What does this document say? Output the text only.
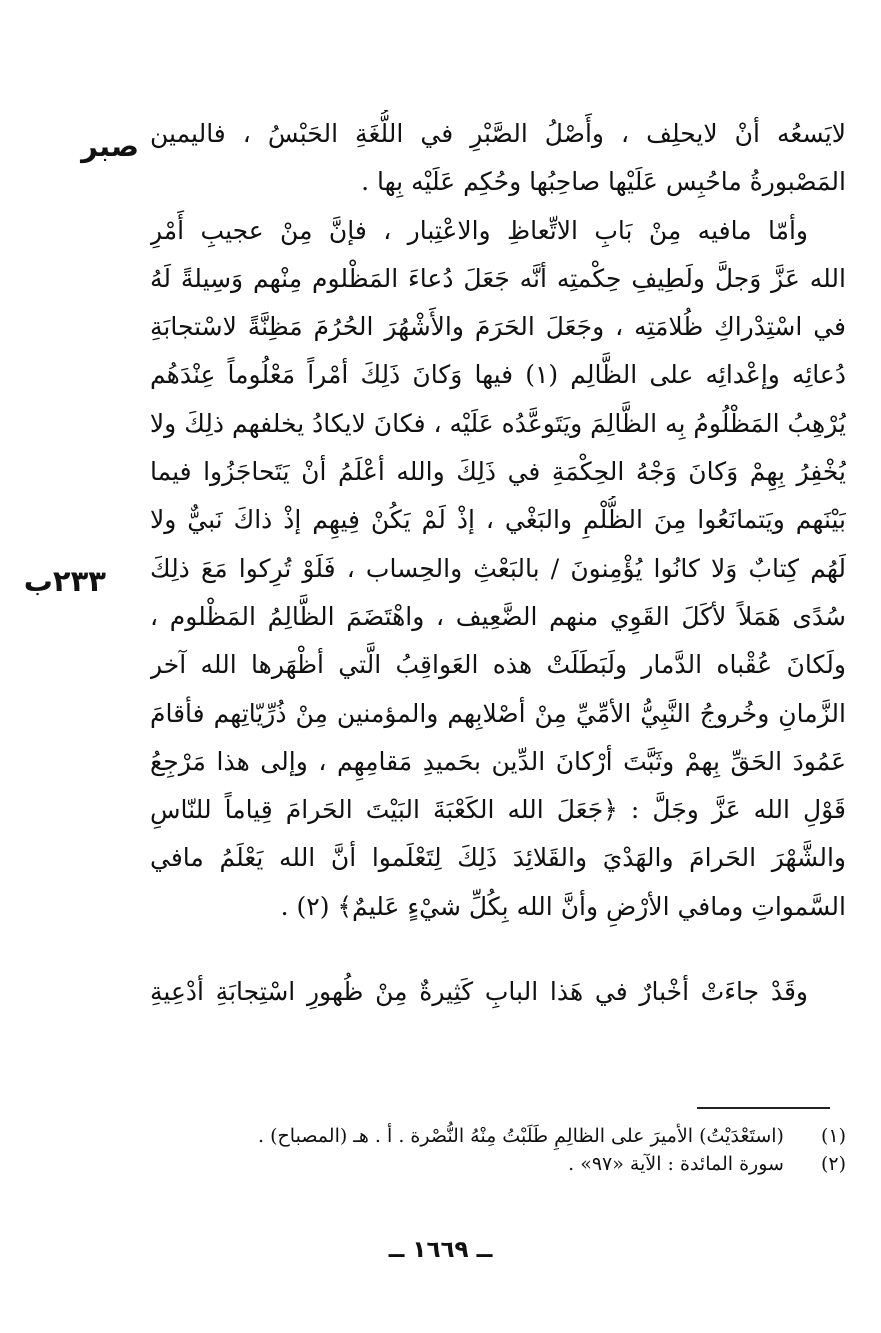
صبر
٢٣٣ب
لايَسعُه أنْ لايحلِف ، وأَصْلُ الصَّبْرِ في اللُّغَةِ الحَبْسُ ، فاليمين
المَصْبورةُ ماحُبِس عَلَيْها صاحِبُها وحُكِم عَلَيْه بِها .
وأمّا مافيه مِنْ بَابِ الاتِّعاظِ والاعْتِبار ، فإنَّ مِنْ عجيبِ أَمْرِ
الله عَزَّ وَجلَّ ولَطِيفِ حِكْمتِه أنَّه جَعَلَ دُعاءَ المَظْلوم مِنْهم وَسِيلةً لَهُ
في اسْتِدْراكِ ظُلامَتِه ، وجَعَلَ الحَرَمَ والأَشْهُرَ الحُرُمَ مَظِنَّةً لاسْتجابَةِ
دُعائِه وإعْدائِه على الظَّالِم (١) فيها وَكانَ ذَلِكَ أمْراً مَعْلُوماً عِنْدَهُم
يُرْهِبُ المَظْلُومُ بِه الظَّالِمَ ويَتَوعَّدُه عَلَيْه ، فكانَ لايكادُ يخلفهم ذلِكَ ولا
يُخْفِرُ بِهِمْ وَكانَ وَجْهُ الحِكْمَةِ في ذَلِكَ والله أعْلَمُ أنْ يَتَحاجَزُوا فيما
بَيْنَهم ويَتمانَعُوا مِنَ الظُّلْمِ والبَغْي ، إذْ لَمْ يَكُنْ فِيهِم إذْ ذاكَ نَبيٌّ ولا
لَهُم كِتابٌ وَلا كانُوا يُؤْمِنونَ / بالبَعْثِ والحِساب ، فَلَوْ تُرِكوا مَعَ ذلِكَ
سُدًى هَمَلاً لأكَلَ القَوِي منهم الضَّعِيف ، واهْتَضَمَ الظَّالِمُ المَظْلوم ،
ولَكانَ عُقْباه الدَّمار ولَبَطَلَتْ هذه العَواقِبُ الَّتي أظْهَرها الله آخر
الزَّمانِ وخُروجُ النَّبِيُّ الأمِّيِّ مِنْ أصْلابِهم والمؤمنين مِنْ ذُرِّيّاتِهم فأقامَ
عَمُودَ الحَقِّ بِهمْ وثَبَّتَ أرْكانَ الدِّين بحَميدِ مَقامِهِم ، وإلى هذا مَرْجِعُ
قَوْلِ الله عَزَّ وجَلَّ : ﴿جَعَلَ الله الكَعْبَةَ البَيْتَ الحَرامَ قِياماً للنّاسِ
والشَّهْرَ الحَرامَ والهَدْيَ والقَلائِدَ ذَلِكَ لِتَعْلَموا أنَّ الله يَعْلَمُ مافي
السَّمواتِ ومافي الأرْضِ وأنَّ الله بِكُلِّ شيْءٍ عَليمٌ﴾ (٢) .
وقَدْ جاءَتْ أخْبارٌ في هَذا البابِ كَثِيرةٌ مِنْ ظُهورِ اسْتِجابَةِ أدْعِيةِ
(١) (استَعْدَيْتُ) الأميرَ على الظالِمِ طَلَبْتُ مِنْهُ النُّصْرة . أ . هـ (المصباح) .
(٢) سورة المائدة : الآية «٩٧» .
ــ ١٦٦٩ ــ
